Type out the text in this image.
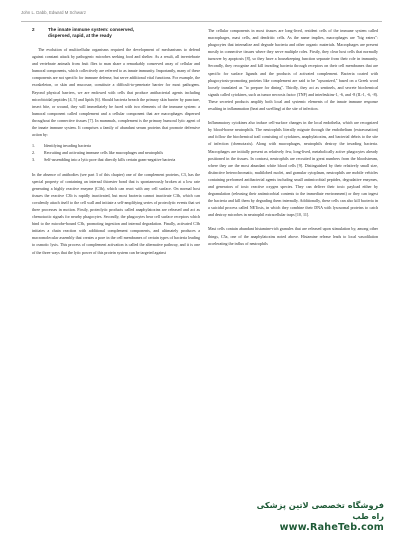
John L. Dabb, Edward M Schwarz
2	The innate immune system: conserved,
dispersed, rapid, at the ready

The evolution of multicellular organisms required the development of mechanisms to defend against constant attack by pathogenic microbes seeking food and shelter. As a result, all invertebrate and vertebrate animals from fruit flies to man share a remarkably conserved array of cellular and humoral components, which collectively are referred to as innate immunity. Importantly, many of these components are not specific for immune defense, but serve additional vital functions. For example, the exoskeleton, or skin and mucosae, constitute a difficult-to-penetrate barrier for most pathogens. Beyond physical barriers, we are endowed with cells that produce antibacterial agents including microbicidal peptides [4, 5] and lipids [6]. Should bacteria breach the primary skin barrier by puncture, insect bite, or wound, they will immediately be faced with two elements of the immune system: a humoral component called complement and a cellular component that are macrophages dispersed throughout the connective tissues [7]. In mammals, complement is the primary humoral lytic agent of the innate immune system. It comprises a family of abundant serum proteins that promote defensive action by:

1.	Identifying invading bacteria
2.	Recruiting and activating immune cells like macrophages and neutrophils
3.	Self-assembling into a lytic pore that directly kills certain gram-negative bacteria

In the absence of antibodies (see part 3 of this chapter) one of the complement proteins, C3, has the special property of containing an internal thioester bond that is spontaneously broken at a low rate generating a highly reactive enzyme (C3b), which can react with any cell surface. On normal host tissues the reactive C3b is rapidly inactivated, but most bacteria cannot inactivate C3b, which can covalently attach itself to the cell wall and initiate a self-amplifying series of proteolytic events that set three processes in motion. Firstly, proteolytic products called anaphylatoxins are released and act as chemotactic signals for nearby phagocytes. Secondly, the phagocytes bear cell surface receptors which bind to the microbe-bound C3b, promoting ingestion and internal degradation. Finally, activated C3b initiates a chain reaction with additional complement components, and ultimately produces a macromolecular assembly that creates a pore in the cell membranes of certain types of bacteria leading to osmotic lysis. This process of complement activation is called the alternative pathway, and it is one of the three ways that the lytic power of this protein system can be targeted against

The cellular components in most tissues are long-lived, resident cells of the immune system called macrophages, mast cells, and dendritic cells. As the name implies, macrophages are "big eaters": phagocytes that internalize and degrade bacteria and other organic materials. Macrophages are present mostly in connective tissues where they serve multiple roles. Firstly, they clear host cells that normally turnover by apoptosis [8], so they have a housekeeping function separate from their role in immunity. Secondly, they recognize and kill invading bacteria through receptors on their cell membranes that are specific for surface ligands and the products of activated complement. Bacteria coated with phagocytosis-promoting proteins like complement are said to be "opsonized," based on a Greek word loosely translated as "to prepare for dining". Thirdly, they act as sentinels, and secrete biochemical signals called cytokines, such as tumor necrosis factor (TNF) and interleukins-1, -6, and -8 (IL-1, -6, -8). These secreted products amplify both local and systemic elements of the innate immune response resulting in inflammation (heat and swelling) at the site of infection.

Inflammatory cytokines also induce cell-surface changes in the local endothelia, which are recognized by blood-borne neutrophils. The neutrophils literally migrate through the endothelium (extravasation) and follow the biochemical trail consisting of cytokines, anaphylatoxins, and bacterial debris to the site of infection (chemotaxis). Along with macrophages, neutrophils destroy the invading bacteria. Macrophages are initially present as relatively few, long-lived, metabolically active phagocytes already positioned in the tissues. In contrast, neutrophils are recruited in great numbers from the bloodstream, where they are the most abundant white blood cells [9]. Distinguished by their relatively small size, distinctive heterochromatic, multilobed nuclei, and granular cytoplasm, neutrophils are mobile vehicles containing preformed antibacterial agents including small antimicrobial peptides, degradative enzymes, and generators of toxic reactive oxygen species. They can deliver their toxic payload either by degranulation (releasing their antimicrobial contents to the immediate environment) or they can ingest the bacteria and kill them by degrading them internally. Additionally, these cells can also kill bacteria in a suicidal process called NETosis, in which they combine their DNA with lysosomal proteins to catch and destroy microbes in neutrophil extracellular traps [10, 11].

Mast cells contain abundant histamine-rich granules that are released upon stimulation by, among other things, C5a, one of the anaphylatoxins noted above. Histamine release leads to local vasodilation accelerating the influx of neutrophils

فروشگاه تخصصی لاتین پزشکی راه طب
www.RaheTeb.com
